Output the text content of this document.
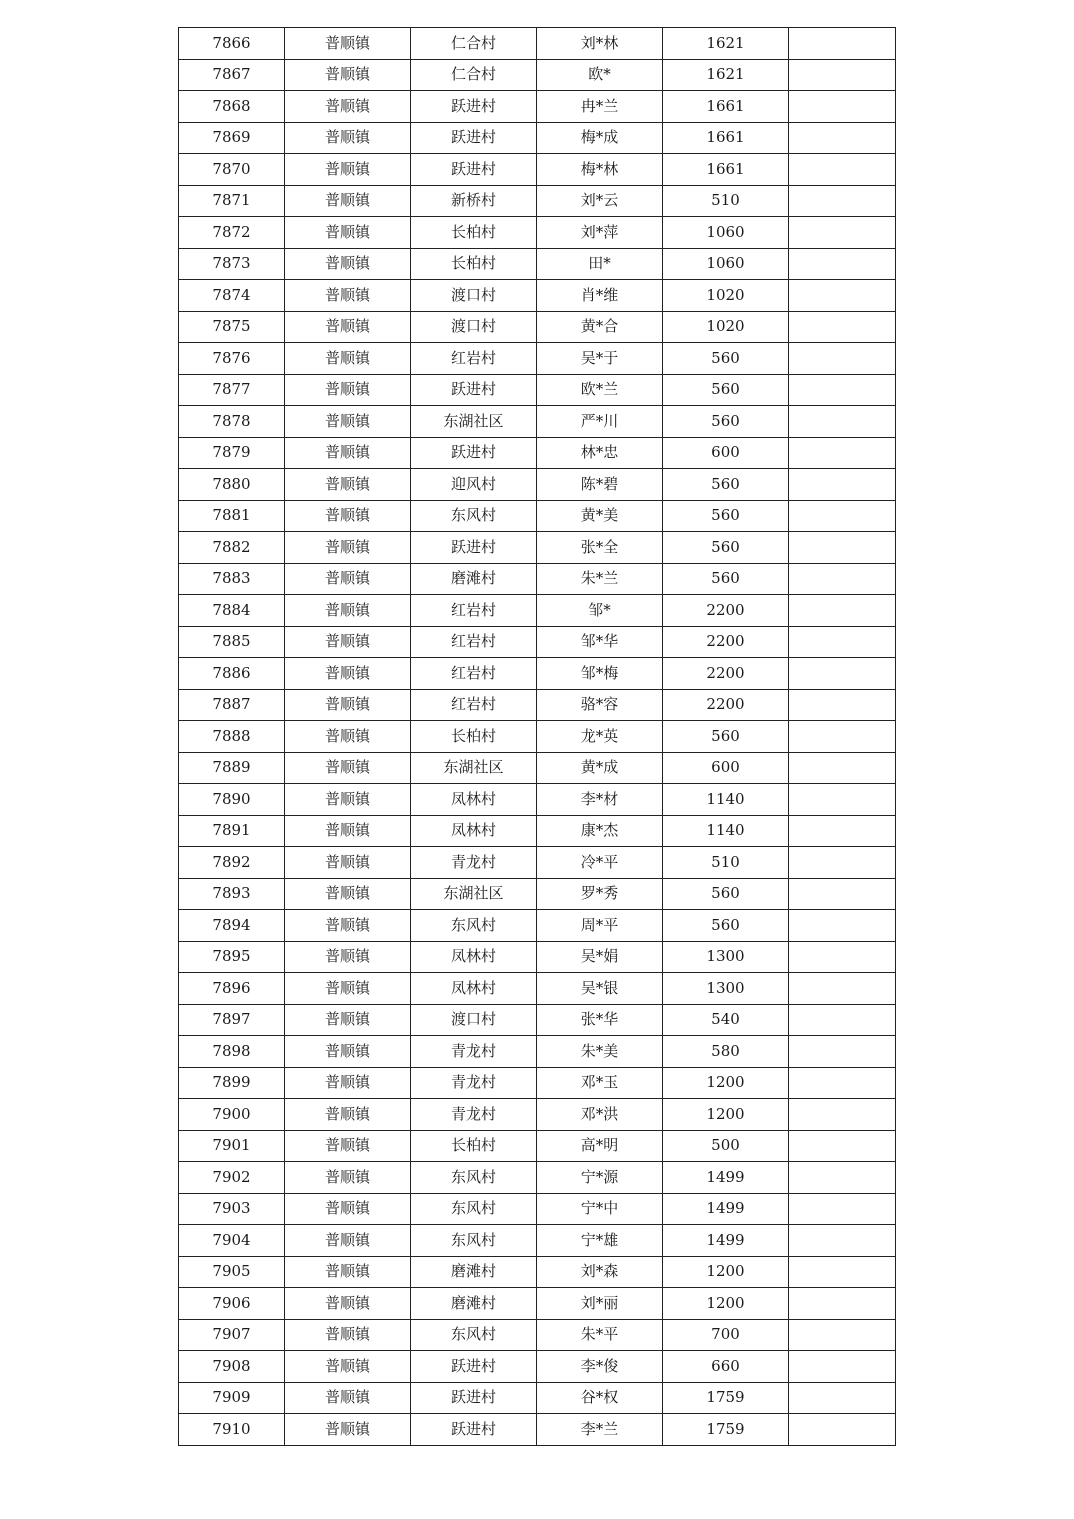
7866	普顺镇	仁合村	刘*林	1621	
7867	普顺镇	仁合村	欧*	1621	
7868	普顺镇	跃进村	冉*兰	1661	
7869	普顺镇	跃进村	梅*成	1661	
7870	普顺镇	跃进村	梅*林	1661	
7871	普顺镇	新桥村	刘*云	510	
7872	普顺镇	长柏村	刘*萍	1060	
7873	普顺镇	长柏村	田*	1060	
7874	普顺镇	渡口村	肖*维	1020	
7875	普顺镇	渡口村	黄*合	1020	
7876	普顺镇	红岩村	吴*于	560	
7877	普顺镇	跃进村	欧*兰	560	
7878	普顺镇	东湖社区	严*川	560	
7879	普顺镇	跃进村	林*忠	600	
7880	普顺镇	迎风村	陈*碧	560	
7881	普顺镇	东风村	黄*美	560	
7882	普顺镇	跃进村	张*全	560	
7883	普顺镇	磨滩村	朱*兰	560	
7884	普顺镇	红岩村	邹*	2200	
7885	普顺镇	红岩村	邹*华	2200	
7886	普顺镇	红岩村	邹*梅	2200	
7887	普顺镇	红岩村	骆*容	2200	
7888	普顺镇	长柏村	龙*英	560	
7889	普顺镇	东湖社区	黄*成	600	
7890	普顺镇	凤林村	李*材	1140	
7891	普顺镇	凤林村	康*杰	1140	
7892	普顺镇	青龙村	冷*平	510	
7893	普顺镇	东湖社区	罗*秀	560	
7894	普顺镇	东风村	周*平	560	
7895	普顺镇	凤林村	吴*娟	1300	
7896	普顺镇	凤林村	吴*银	1300	
7897	普顺镇	渡口村	张*华	540	
7898	普顺镇	青龙村	朱*美	580	
7899	普顺镇	青龙村	邓*玉	1200	
7900	普顺镇	青龙村	邓*洪	1200	
7901	普顺镇	长柏村	高*明	500	
7902	普顺镇	东风村	宁*源	1499	
7903	普顺镇	东风村	宁*中	1499	
7904	普顺镇	东风村	宁*雄	1499	
7905	普顺镇	磨滩村	刘*森	1200	
7906	普顺镇	磨滩村	刘*丽	1200	
7907	普顺镇	东风村	朱*平	700	
7908	普顺镇	跃进村	李*俊	660	
7909	普顺镇	跃进村	谷*权	1759	
7910	普顺镇	跃进村	李*兰	1759	
